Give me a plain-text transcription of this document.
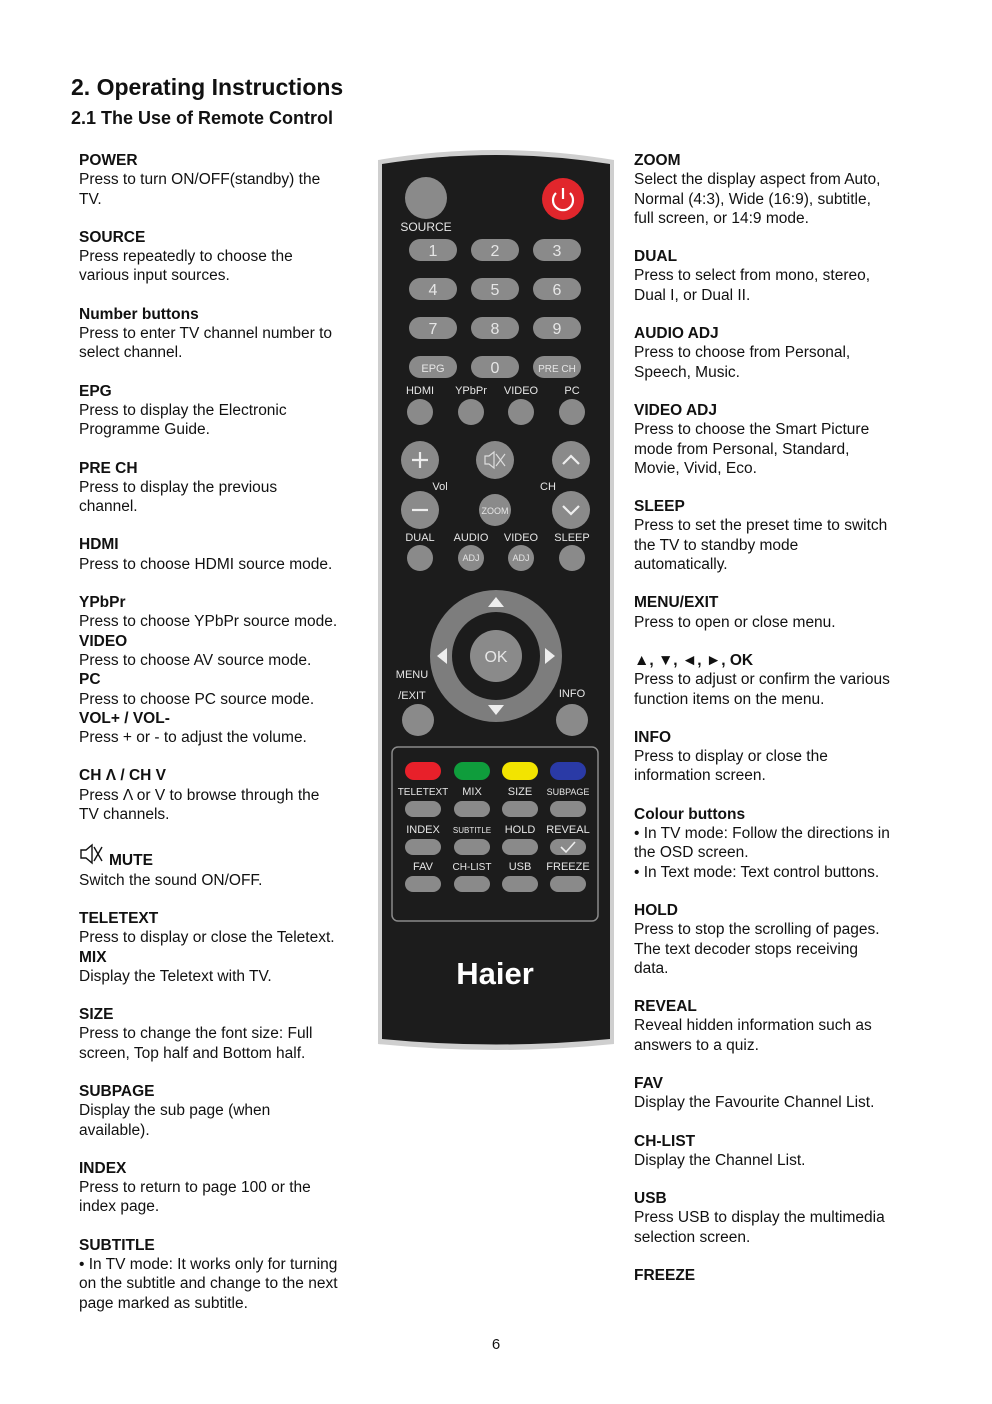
2. Operating Instructions
2.1 The Use of Remote Control
POWER
Press to turn ON/OFF(standby) the
TV.
SOURCE
Press repeatedly to choose the
various input sources.
Number buttons
Press to enter TV channel number to
select channel.
EPG
Press to display the Electronic
Programme Guide.
PRE CH
Press to display the previous
channel.
HDMI
Press to choose HDMI source mode.
YPbPr
Press to choose YPbPr source mode.
VIDEO
Press to choose AV source mode.
PC
Press to choose PC source mode.
VOL+ / VOL-
Press + or - to adjust the volume.
CH Λ / CH V
Press Λ or V to browse through the
TV channels.
MUTE
Switch the sound ON/OFF.
TELETEXT
Press to display or close the Teletext.
MIX
Display the Teletext with TV.
SIZE
Press to change the font size: Full
screen, Top half and Bottom half.
SUBPAGE
Display the sub page (when
available).
INDEX
Press to return to page 100 or the
index page.
SUBTITLE
• In TV mode: It works only for turning
on the subtitle and change to the next
page marked as subtitle.
SOURCE
1	2	3
4	5	6
7	8	9
EPG	0	PRE CH
HDMI YPbPr VIDEO PC
Vol	CH
ZOOM
DUAL AUDIO VIDEO SLEEP
ADJ	ADJ
OK
MENU
/EXIT	INFO
TELETEXT MIX SIZE SUBPAGE
INDEX SUBTITLE HOLD REVEAL
FAV CH-LIST USB FREEZE
Haier
ZOOM
Select the display aspect from Auto,
Normal (4:3), Wide (16:9), subtitle,
full screen, or 14:9 mode.
DUAL
Press to select from mono, stereo,
Dual I, or Dual II.
AUDIO ADJ
Press to choose from Personal,
Speech, Music.
VIDEO ADJ
Press to choose the Smart Picture
mode from Personal, Standard,
Movie, Vivid, Eco.
SLEEP
Press to set the preset time to switch
the TV to standby mode
automatically.
MENU/EXIT
Press to open or close menu.
▲, ▼, ◄, ►, OK
Press to adjust or confirm the various
function items on the menu.
INFO
Press to display or close the
information screen.
Colour buttons
• In TV mode: Follow the directions in
the OSD screen.
• In Text mode: Text control buttons.
HOLD
Press to stop the scrolling of pages.
The text decoder stops receiving
data.
REVEAL
Reveal hidden information such as
answers to a quiz.
FAV
Display the Favourite Channel List.
CH-LIST
Display the Channel List.
USB
Press USB to display the multimedia
selection screen.
FREEZE
6
